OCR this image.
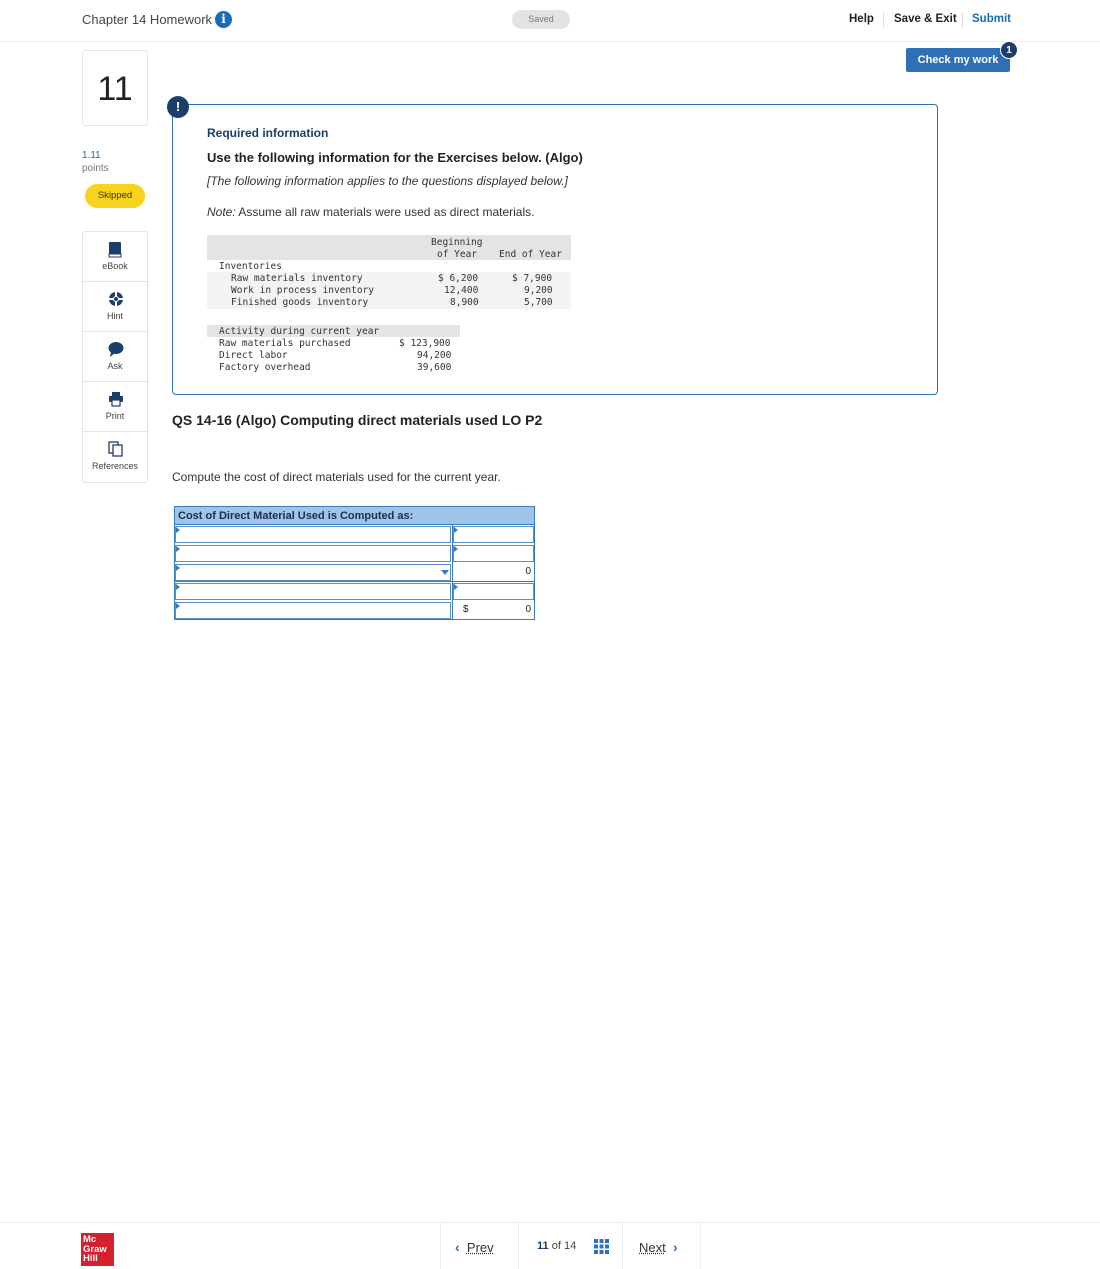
Chapter 14 Homework i	Saved	Help Save & Exit Submit
Check my work
1
11
1.11
points
Skipped
eBook
Hint
Ask
Print
References
!
Required information
Use the following information for the Exercises below. (Algo)
[The following information applies to the questions displayed below.]
Note: Assume all raw materials were used as direct materials.
Beginning
of Year End of Year
Inventories
Raw materials inventory	$ 6,200	$ 7,900
Work in process inventory	12,400	9,200
Finished goods inventory	8,900	5,700
Activity during current year
Raw materials purchased	$ 123,900
Direct labor	94,200
Factory overhead	39,600
QS 14-16 (Algo) Computing direct materials used LO P2
Compute the cost of direct materials used for the current year.
Cost of Direct Material Used is Computed as:
0
$	0
Mc
Graw
Hill
‹ Prev	11 of 14	Next ›
